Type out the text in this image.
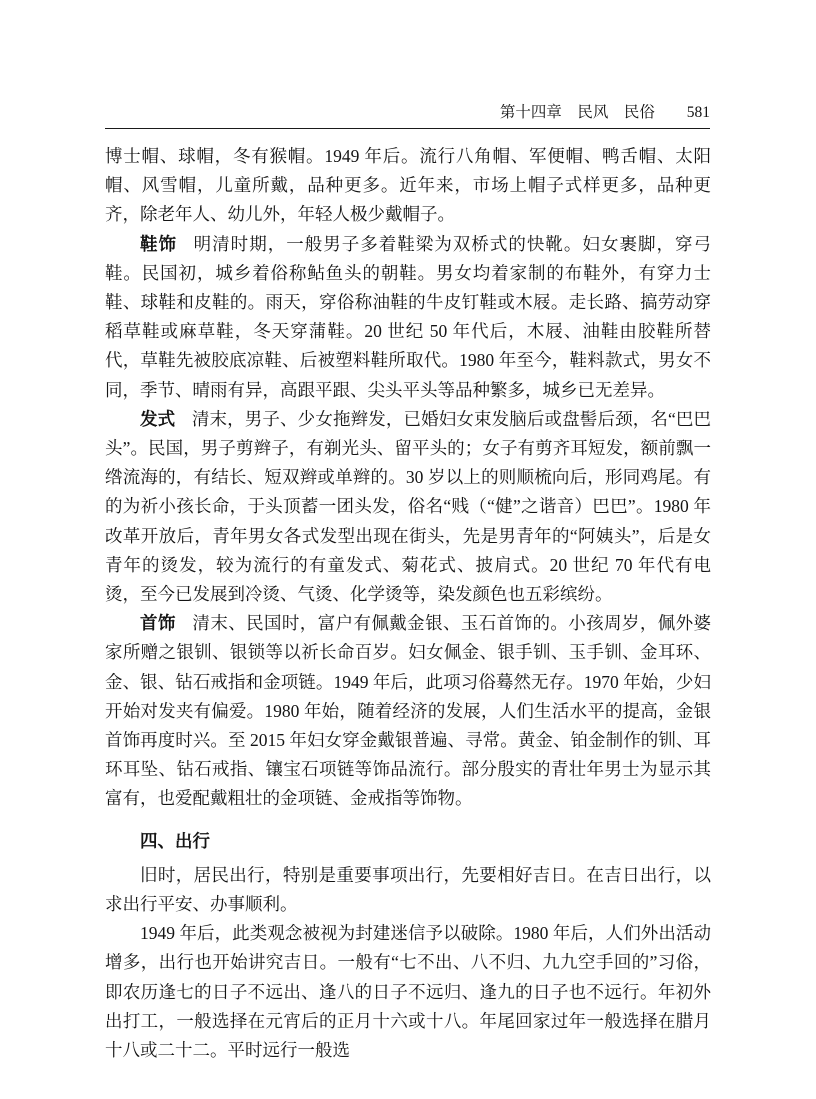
第十四章　民风　民俗 581

博士帽、球帽，冬有猴帽。1949 年后。流行八角帽、军便帽、鸭舌帽、太阳帽、风雪帽，儿童所戴，品种更多。近年来，市场上帽子式样更多，品种更齐，除老年人、幼儿外，年轻人极少戴帽子。

鞋饰 明清时期，一般男子多着鞋梁为双桥式的快靴。妇女裹脚，穿弓鞋。民国初，城乡着俗称鲇鱼头的朝鞋。男女均着家制的布鞋外，有穿力士鞋、球鞋和皮鞋的。雨天，穿俗称油鞋的牛皮钉鞋或木屐。走长路、搞劳动穿稻草鞋或麻草鞋，冬天穿蒲鞋。20 世纪 50 年代后，木屐、油鞋由胶鞋所替代，草鞋先被胶底凉鞋、后被塑料鞋所取代。1980 年至今，鞋料款式，男女不同，季节、晴雨有异，高跟平跟、尖头平头等品种繁多，城乡已无差异。

发式 清末，男子、少女拖辫发，已婚妇女束发脑后或盘髻后颈，名“巴巴头”。民国，男子剪辫子，有剃光头、留平头的；女子有剪齐耳短发，额前飘一绺流海的，有结长、短双辫或单辫的。30 岁以上的则顺梳向后，形同鸡尾。有的为祈小孩长命，于头顶蓄一团头发，俗名“贱（“健”之谐音）巴巴”。1980 年改革开放后，青年男女各式发型出现在街头，先是男青年的“阿姨头”，后是女青年的烫发，较为流行的有童发式、菊花式、披肩式。20 世纪 70 年代有电烫，至今已发展到冷烫、气烫、化学烫等，染发颜色也五彩缤纷。

首饰 清末、民国时，富户有佩戴金银、玉石首饰的。小孩周岁，佩外婆家所赠之银钏、银锁等以祈长命百岁。妇女佩金、银手钏、玉手钏、金耳环、金、银、钻石戒指和金项链。1949 年后，此项习俗蓦然无存。1970 年始，少妇开始对发夹有偏爱。1980 年始，随着经济的发展，人们生活水平的提高，金银首饰再度时兴。至 2015 年妇女穿金戴银普遍、寻常。黄金、铂金制作的钏、耳环耳坠、钻石戒指、镶宝石项链等饰品流行。部分殷实的青壮年男士为显示其富有，也爱配戴粗壮的金项链、金戒指等饰物。

四、出行

旧时，居民出行，特别是重要事项出行，先要相好吉日。在吉日出行，以求出行平安、办事顺利。

1949 年后，此类观念被视为封建迷信予以破除。1980 年后，人们外出活动增多，出行也开始讲究吉日。一般有“七不出、八不归、九九空手回的”习俗，即农历逢七的日子不远出、逢八的日子不远归、逢九的日子也不远行。年初外出打工，一般选择在元宵后的正月十六或十八。年尾回家过年一般选择在腊月十八或二十二。平时远行一般选
